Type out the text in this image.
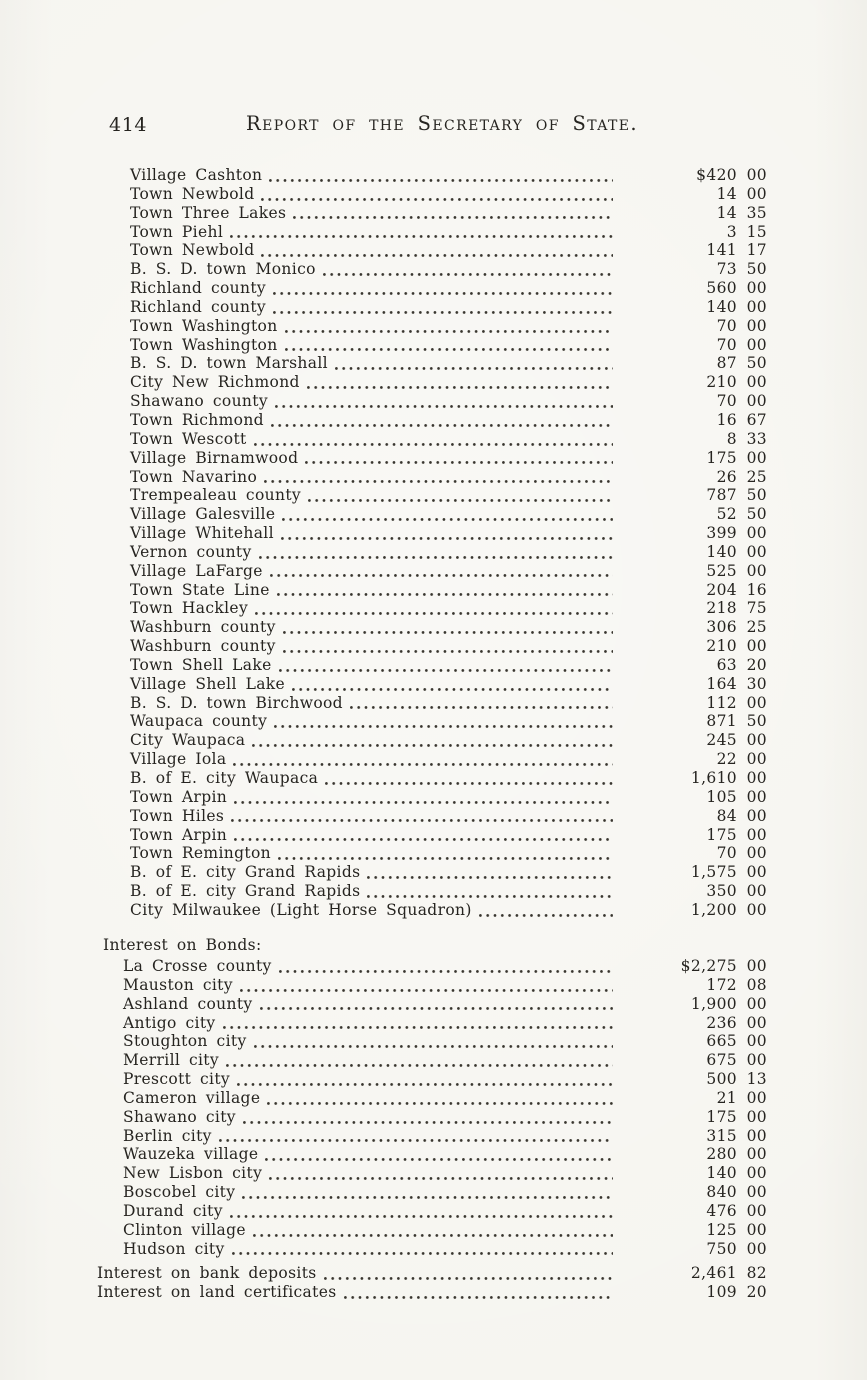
414	Report of the Secretary of State.
Village Cashton	$420 00
Town Newbold	14 00
Town Three Lakes	14 35
Town Piehl	3 15
Town Newbold	141 17
B. S. D. town Monico	73 50
Richland county	560 00
Richland county	140 00
Town Washington	70 00
Town Washington	70 00
B. S. D. town Marshall	87 50
City New Richmond	210 00
Shawano county	70 00
Town Richmond	16 67
Town Wescott	8 33
Village Birnamwood	175 00
Town Navarino	26 25
Trempealeau county	787 50
Village Galesville	52 50
Village Whitehall	399 00
Vernon county	140 00
Village LaFarge	525 00
Town State Line	204 16
Town Hackley	218 75
Washburn county	306 25
Washburn county	210 00
Town Shell Lake	63 20
Village Shell Lake	164 30
B. S. D. town Birchwood	112 00
Waupaca county	871 50
City Waupaca	245 00
Village Iola	22 00
B. of E. city Waupaca	1,610 00
Town Arpin	105 00
Town Hiles	84 00
Town Arpin	175 00
Town Remington	70 00
B. of E. city Grand Rapids	1,575 00
B. of E. city Grand Rapids	350 00
City Milwaukee (Light Horse Squadron)	1,200 00
Interest on Bonds:
La Crosse county	$2,275 00
Mauston city	172 08
Ashland county	1,900 00
Antigo city	236 00
Stoughton city	665 00
Merrill city	675 00
Prescott city	500 13
Cameron village	21 00
Shawano city	175 00
Berlin city	315 00
Wauzeka village	280 00
New Lisbon city	140 00
Boscobel city	840 00
Durand city	476 00
Clinton village	125 00
Hudson city	750 00
Interest on bank deposits	2,461 82
Interest on land certificates	109 20
